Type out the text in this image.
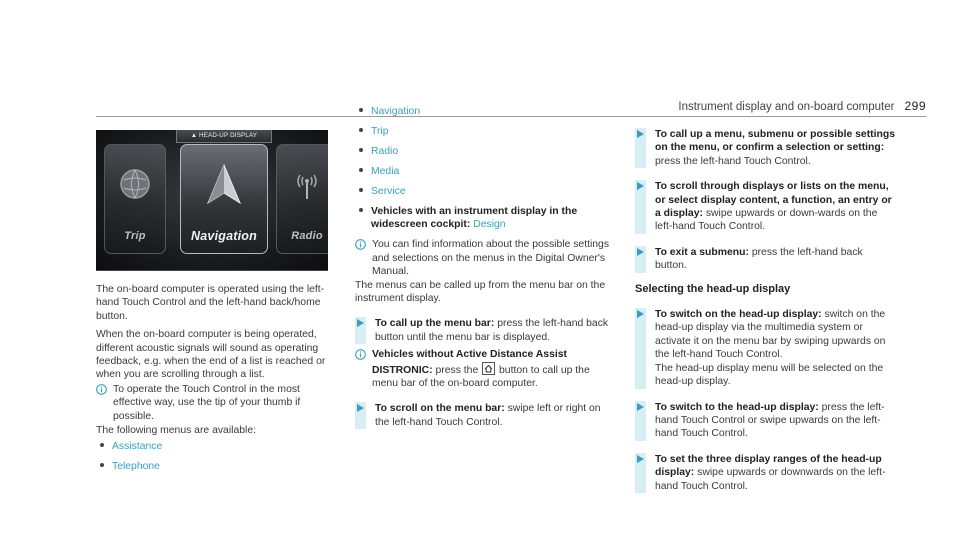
Instrument display and on-board computer 299
▲ HEAD-UP DISPLAY
Trip	Navigation	Radio

The on-board computer is operated using the left-hand Touch Control and the left-hand back/home button.

When the on-board computer is being operated, different acoustic signals will sound as operating feedback, e.g. when the end of a list is reached or when you are scrolling through a list.

To operate the Touch Control in the most effective way, use the tip of your thumb if possible.

The following menus are available:

Assistance
Telephone
Navigation
Trip
Radio
Media
Service
Vehicles with an instrument display in the widescreen cockpit: Design
You can find information about the possible settings and selections on the menus in the Digital Owner's Manual.

The menus can be called up from the menu bar on the instrument display.

To call up the menu bar: press the left-hand back button until the menu bar is displayed.
Vehicles without Active Distance Assist DISTRONIC: press the button to call up the menu bar of the on-board computer.
To scroll on the menu bar: swipe left or right on the left-hand Touch Control.
To call up a menu, submenu or possible settings on the menu, or confirm a selection or setting: press the left-hand Touch Control.
To scroll through displays or lists on the menu, or select display content, a function, an entry or a display: swipe upwards or down‐wards on the left-hand Touch Control.
To exit a submenu: press the left-hand back button.
Selecting the head-up display
To switch on the head-up display: switch on the head-up display via the multimedia system or activate it on the menu bar by swiping upwards on the left-hand Touch Control.
The head-up display menu will be selected on the head-up display.
To switch to the head-up display: press the left-hand Touch Control or swipe upwards on the left-hand Touch Control.
To set the three display ranges of the head-up display: swipe upwards or downwards on the left-hand Touch Control.
